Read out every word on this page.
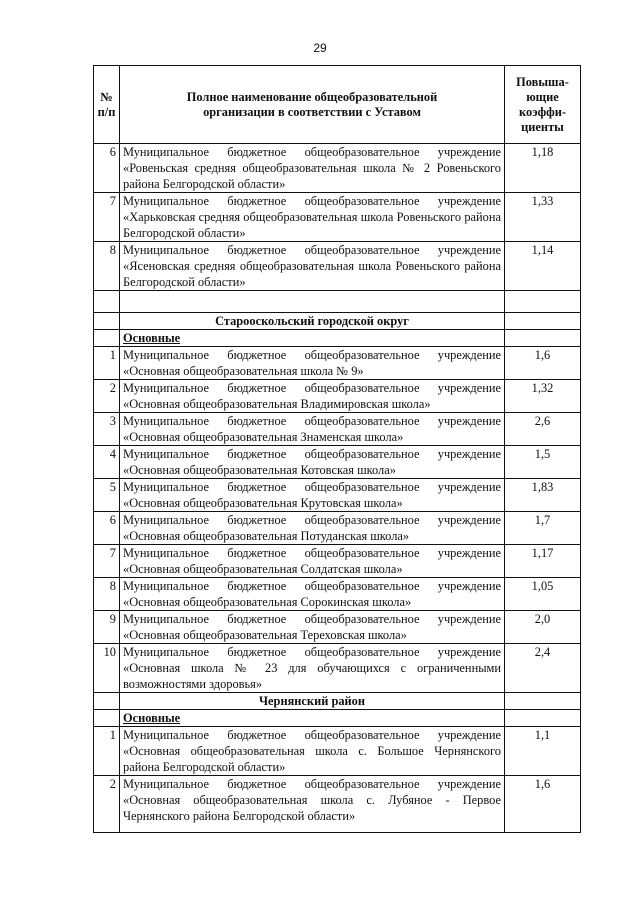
29
№ п/п	Полное наименование общеобразовательной организации в соответствии с Уставом	Повыша-ющие коэффи-циенты
6	Муниципальное бюджетное общеобразовательное учреждение «Ровеньская средняя общеобразовательная школа № 2 Ровеньского района Белгородской области»	1,18
7	Муниципальное бюджетное общеобразовательное учреждение «Харьковская средняя общеобразовательная школа Ровеньского района Белгородской области»	1,33
8	Муниципальное бюджетное общеобразовательное учреждение «Ясеновская средняя общеобразовательная школа Ровеньского района Белгородской области»	1,14

	Старооскольский городской округ	
	Основные	
1	Муниципальное бюджетное общеобразовательное учреждение «Основная общеобразовательная школа № 9»	1,6
2	Муниципальное бюджетное общеобразовательное учреждение «Основная общеобразовательная Владимировская школа»	1,32
3	Муниципальное бюджетное общеобразовательное учреждение «Основная общеобразовательная Знаменская школа»	2,6
4	Муниципальное бюджетное общеобразовательное учреждение «Основная общеобразовательная Котовская школа»	1,5
5	Муниципальное бюджетное общеобразовательное учреждение «Основная общеобразовательная Крутовская школа»	1,83
6	Муниципальное бюджетное общеобразовательное учреждение «Основная общеобразовательная Потуданская школа»	1,7
7	Муниципальное бюджетное общеобразовательное учреждение «Основная общеобразовательная Солдатская школа»	1,17
8	Муниципальное бюджетное общеобразовательное учреждение «Основная общеобразовательная Сорокинская школа»	1,05
9	Муниципальное бюджетное общеобразовательное учреждение «Основная общеобразовательная Тереховская школа»	2,0
10	Муниципальное бюджетное общеобразовательное учреждение «Основная школа № 23 для обучающихся с ограниченными возможностями здоровья»	2,4
	Чернянский район	
	Основные	
1	Муниципальное бюджетное общеобразовательное учреждение «Основная общеобразовательная школа с. Большое Чернянского района Белгородской области»	1,1
2	Муниципальное бюджетное общеобразовательное учреждение «Основная общеобразовательная школа с. Лубяное - Первое Чернянского района Белгородской области»	1,6
